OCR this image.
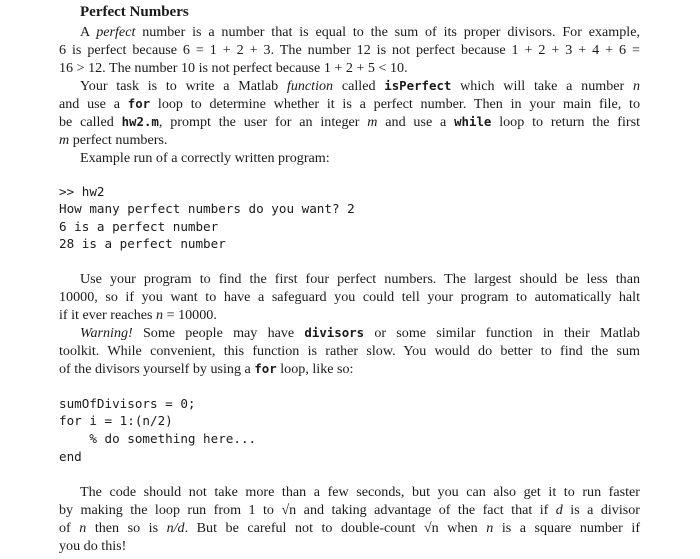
Perfect Numbers
A perfect number is a number that is equal to the sum of its proper divisors. For example,
6 is perfect because 6 = 1 + 2 + 3. The number 12 is not perfect because 1 + 2 + 3 + 4 + 6 =
16 > 12. The number 10 is not perfect because 1 + 2 + 5 < 10.
Your task is to write a Matlab function called isPerfect which will take a number n
and use a for loop to determine whether it is a perfect number. Then in your main file, to
be called hw2.m, prompt the user for an integer m and use a while loop to return the first
m perfect numbers.
Example run of a correctly written program:
>> hw2
How many perfect numbers do you want? 2
6 is a perfect number
28 is a perfect number
Use your program to find the first four perfect numbers. The largest should be less than
10000, so if you want to have a safeguard you could tell your program to automatically halt
if it ever reaches n = 10000.
Warning! Some people may have divisors or some similar function in their Matlab
toolkit. While convenient, this function is rather slow. You would do better to find the sum
of the divisors yourself by using a for loop, like so:
sumOfDivisors = 0;
for i = 1:(n/2)
% do something here...
end
The code should not take more than a few seconds, but you can also get it to run faster
by making the loop run from 1 to √n and taking advantage of the fact that if d is a divisor
of n then so is n/d. But be careful not to double-count √n when n is a square number if
you do this!
